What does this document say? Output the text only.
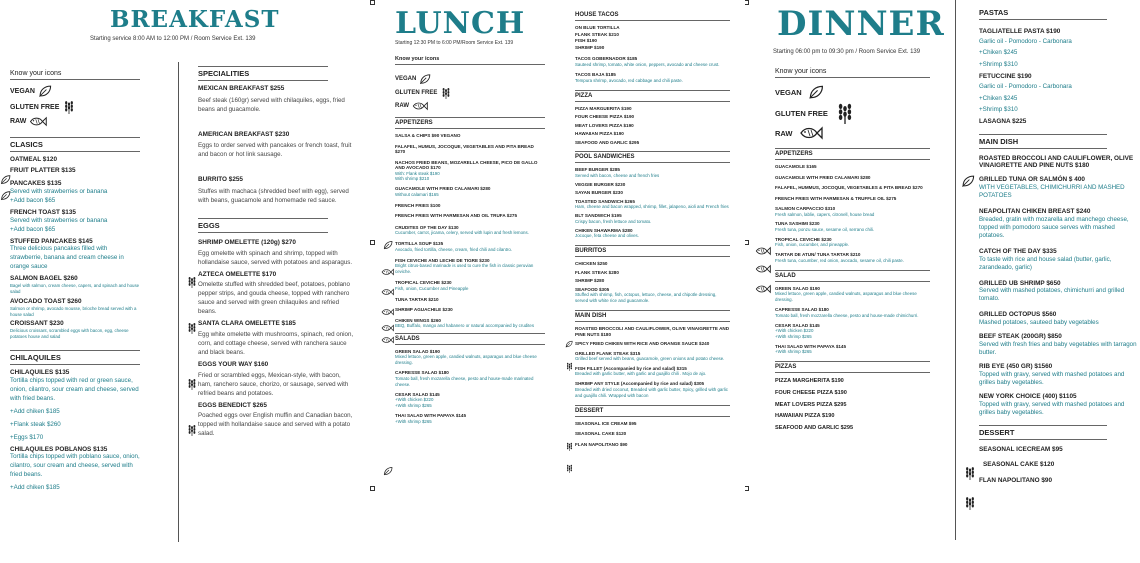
BREAKFAST
Starting service 8:00 AM to 12:00 PM / Room Service Ext. 139
Know your icons
VEGAN
GLUTEN FREE
RAW
CLASICS
OATMEAL $120
FRUIT PLATTER $135
PANCAKES $135
Served with strawberries or banana
+Add bacon $65
FRENCH TOAST $135
Served with strawberries or banana
+Add bacon $65
STUFFED PANCAKES $145
Three delicious pancakes filled with strawberrie, banana and cream cheese in orange sauce
SALMON BAGEL $260
Bagel with salmon, cream cheese, capers, and spinach and house salad
AVOCADO TOAST $260
Salmon or shrimp, avocado mousse, brioche bread served with a house salad
CROISSANT $230
Delicious croissant, scrambled eggs with bacon, egg, cheese potatoes house and salad
CHILAQUILES
CHILAQUILES $135
Tortilla chips topped with red or green sauce, onion, cilantro, sour cream and cheese, served with fried beans.
+Add chiken $185
+Flank steak $260
+Eggs $170
CHILAQUILES POBLANOS $135
Tortilla chips topped with poblano sauce, onion, cilantro, sour cream and cheese, served with fried beans.
+Add chiken $185
SPECIALITIES
MEXICAN BREAKFAST $255
Beef steak (160gr) served with chilaquiles, eggs, fried beans and guacamole.
AMERICAN BREAKFAST $230
Eggs to order served with pancakes or french toast, fruit and bacon or hot link sausage.
BURRITO $255
Stuffes with machaca (shredded beef with egg), served with beans, guacamole and homemade red sauce.
EGGS
SHRIMP OMELETTE (120g) $270
Egg omelette with spinach and shrimp, topped with hollandaise sauce, served with potatoes and asparagus.
AZTECA OMELETTE $170
Omelette stuffed with shredded beef, potatoes, poblano pepper strips, and gouda cheese, topped with ranchero sauce and served with green chilaquiles and refried beans.
SANTA CLARA OMELETTE $185
Egg white omelette with mushrooms, spinach, red onion, corn, and cottage cheese, served with ranchera sauce and black beans.
EGGS YOUR WAY $160
Fried or scrambled eggs, Mexican-style, with bacon, ham, ranchero sauce, chorizo, or sausage, served with refried beans and potatoes.
EGGS BENEDICT $265
Poached eggs over English muffin and Canadian bacon, topped with hollandaise sauce and served with a potato salad.
LUNCH
Starting 12:30 PM to 6:00 PM/Room Service Ext. 139
Know your icons
VEGAN
GLUTEN FREE
RAW
APPETIZERS
SALSA & CHIPS $90 VEGANO
FALAFEL, HUMUS, JOCOQUE, VEGETABLES AND PITA BREAD $270
NACHOS FRIED BEANS, MOZARELLA CHEESE, PICO DE GALLO AND AVOCADO $170
With: Flank steak $190
With shrimp $210
GUACAMOLE WITH FRIED CALAMARI $280
Without calamari $165
FRENCH FRIES $100
FRENCH FRIES WITH PARMESAN AND OIL TRUFA $275
CRUDITES OF THE DAY $130
Cucumber, carrot, jicama, celery, served with lupin and fresh lemons.
TORTILLA SOUP $135
Avocado, fried tortilla, cheese, cream, fried chili and cilantro.
FISH CEVICHE AND LECHE DE TIGRE $230
Bright citrus-based marinade is used to cure the fish in classic peruvian ceviche.
TROPICAL CEVICHE $230
Fish, onion, Cucumber and Pineapple
TUNA TARTAR $210
SHRIMP AGUACHILE $230
CHIKEN WINGS $260
BBQ, Buffalo, mango and habanero or natural accompanied by crudites
SALADS
GREEN SALAD $190
Mixed lettuce, green apple, candied walnuts, asparagus and blue cheese dressing.
CAPRESSE SALAD $180
Tomato ball, fresh mozarella cheese, pesto and house-made marinated cheese.
CESAR SALAD $145
+With chicken $220
+With shrimp $265
THAI SALAD WITH PAPAYA $145
+With shrimp $265
HOUSE TACOS
ON BLUE TORTILLA
FLANK STEAK $210
FISH $190
SHRIMP $190
TACOS GOBERNADOR $185
Sauteed shrimp, tomato, white onion, peppers, avocado and cheese crust.
TACOS BAJA $185
Tempura shrimp, avocado, red cabbage and chili paste.
PIZZA
PIZZA MARGUERITA $190
FOUR CHEESE PIZZA $190
MEAT LOVERS PIZZA $190
HAWAIIAN PIZZA $190
SEAFOOD AND GARLIC $295
POOL SANDWICHES
BEEF BURGER $285
Served with bacon, cheese and french fries
VEGGIE BURGER $230
SAYAN BURGER $230
TOASTED SANDWICH $265
Ham, cheese and bacon wrapped, shrimp, fillet, jalapeno, aioli and French fries
BLT SANDWICH $195
Crispy bacon, fresh lettuce and tomato.
CHIKEN SHAWARMA $280
Jocoque, feta cheese and olives.
BURRITOS
CHICKEN $250
FLANK STEAK $280
SHRIMP $280
SEAFOOD $305
Stuffed with shrimp, fish, octopus, lettuce, cheese, and chipotle dressing, served with white rice and guacamole.
MAIN DISH
ROASTED BROCCOLI AND CAULIFLOWER, OLIVE VINAIGRETTE AND PINE NUTS $180
SPICY FRIED CHIKEN WITH RICE AND ORANGE SAUCE $240
GRILLED FLANK STEAK $315
Grilled beef served with beans, guacamole, green onions and potato cheese.
FISH FILLET (Accompanied by rice and salad) $315
Breaded with garlic butter, with garlic and guajillo chili . Mojo de ajo.
SHRIMP ANY STYLE (Accompanied by rice and salad) $305
Breaded with dried coconut, Breaded with garlic butter, Spicy, grilled with garlic and guajillo chili. Wrapped with bacon
DESSERT
SEASONAL ICE CREAM $95
SEASONAL CAKE $120
FLAN NAPOLITANO $90
DINNER
Starting 06:00 pm to 09:30 pm / Room Service Ext. 139
Know your icons
VEGAN
GLUTEN FREE
RAW
APPETIZERS
GUACAMOLE $165
GUACAMOLE WITH FRIED CALAMARI $280
FALAFEL, HUMMUS, JOCOQUE, VEGETABLES & PITA BREAD $270
FRENCH FRIES WITH PARMESAN & TRUFFLE OIL $275
SALMON CARPACCIO $310
Fresh salmon, lablie, capers, citronell, house bread
TUNA SASHIMI $230
Fresh tuna, ponzu sauce, sesame oil, serrano chili.
TROPICAL CEVICHE $230
Fish, onion, cucumber, and pineapple.
TARTAR DE ATUN/ TUNA TARTAR $210
Fresh tuna, cucumber, red onion, avocado, sesame oil, chili paste.
SALAD
GREEN SALAD $190
Mixed lettuce, green apple, candied walnuts, asparagus and blue cheese dressing.
CAPRESSE SALAD $180
Tomato ball, fresh mozzarella cheese, pesto and house-made chimichurri.
CESAR SALAD $145
+With chicken $220
+With shrimp $265
THAI SALAD WITH PAPAYA $145
+With shrimp $265
PIZZAS
PIZZA MARGHERITA $190
FOUR CHEESE PIZZA $190
MEAT LOVERS PIZZA $295
HAWAIIAN PIZZA $190
SEAFOOD AND GARLIC $295
PASTAS
TAGLIATELLE PASTA $190
Garlic oil - Pomodoro - Carbonara
+Chiken $245
+Shrimp $310
FETUCCINE $190
Garlic oil - Pomodoro - Carbonara
+Chiken $245
+Shrimp $310
LASAGNA $225
MAIN DISH
ROASTED BROCCOLI AND CAULIFLOWER, OLIVE VINAIGRETTE AND PINE NUTS $180
GRILLED TUNA OR SALMÓN $ 400
WITH VEGETABLES, CHIMICHURRI AND MASHED POTATOES
NEAPOLITAN CHIKEN BREAST $240
Breaded, gratin with mozarella and manchego cheese, topped with pomodoro sauce serves with mashed potatoes.
CATCH OF THE DAY $335
To taste with rice and house salad (butter, garlic, zarandeado, garlic)
GRILLED UB SHRIMP $650
Served with mashed potatoes, chimichurri and grilled tomato.
GRILLED OCTOPUS $560
Mashed potatoes, sauteed baby vegetables
BEEF STEAK (200GR) $850
Served with fresh fries and baby vegetables with tarragon butter.
RIB EYE (450 GR) $1560
Topped with gravy, served with mashed potatoes and grilles baby vegetables.
NEW YORK CHOICE (400) $1105
Topped with gravy, served with mashed potatoes and grilles baby vegetables.
DESSERT
SEASONAL ICECREAM $95
SEASONAL CAKE $120
FLAN NAPOLITANO $90
